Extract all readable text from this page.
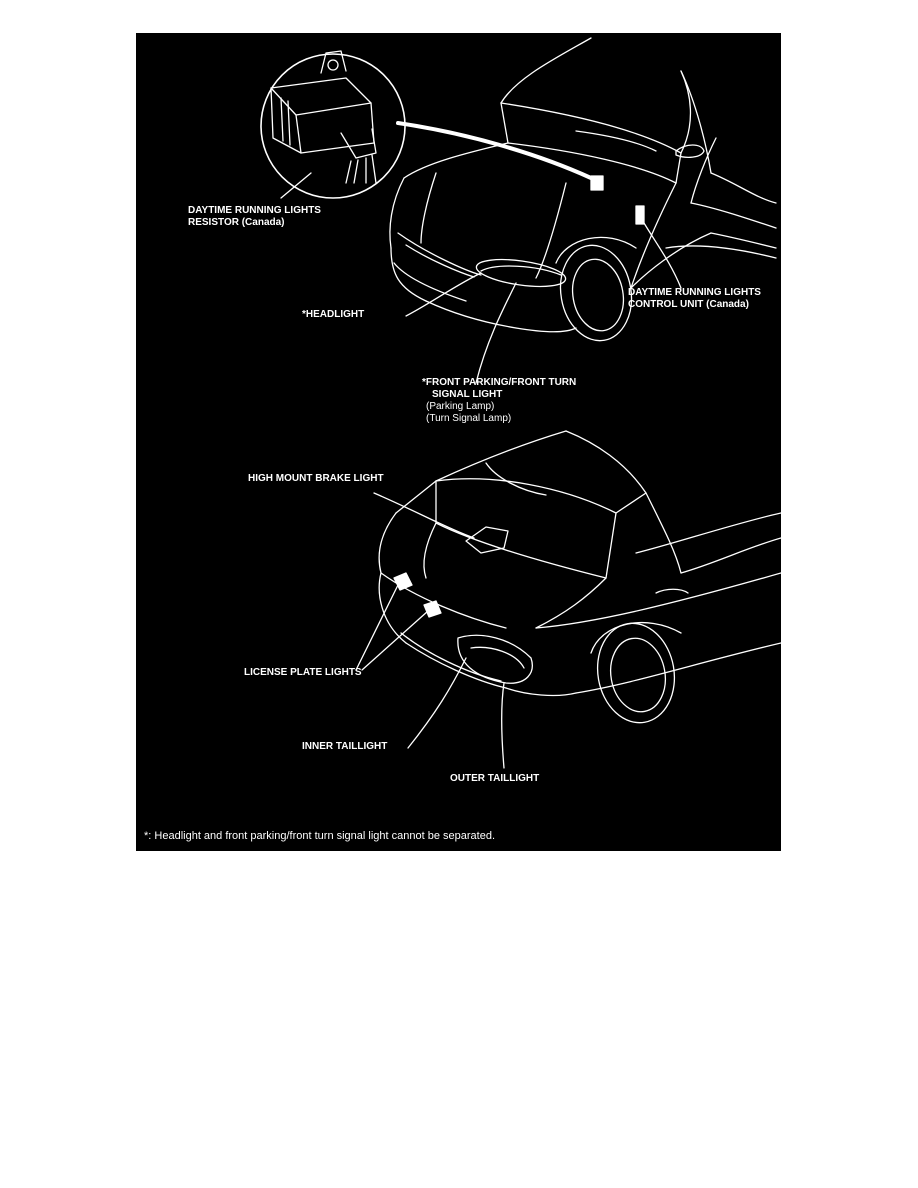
DAYTIME RUNNING LIGHTS
RESISTOR (Canada)
DAYTIME RUNNING LIGHTS
CONTROL UNIT (Canada)
*HEADLIGHT
*FRONT PARKING/FRONT TURN
SIGNAL LIGHT
(Parking Lamp)
(Turn Signal Lamp)
HIGH MOUNT BRAKE LIGHT
LICENSE PLATE LIGHTS
INNER TAILLIGHT
OUTER TAILLIGHT
*: Headlight and front parking/front turn signal light cannot be separated.
